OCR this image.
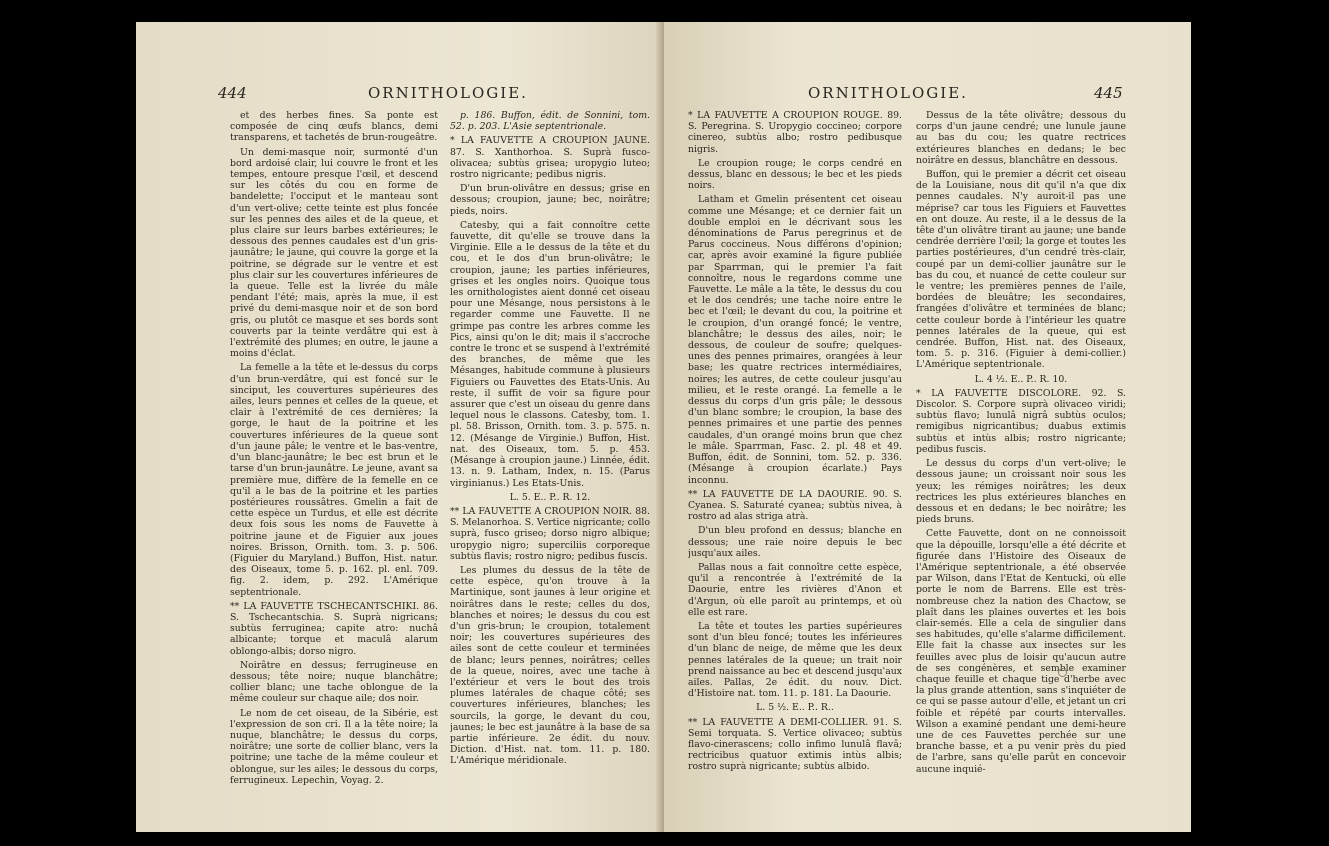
444	ORNITHOLOGIE.

et des herbes fines. Sa ponte est composée de cinq œufs blancs, demi transparens, et tachetés de brun-rougeâtre.

Un demi-masque noir, surmonté d'un bord ardoisé clair, lui couvre le front et les tempes, entoure presque l'œil, et descend sur les côtés du cou en forme de bandelette; l'occiput et le manteau sont d'un vert-olive; cette teinte est plus foncée sur les pennes des ailes et de la queue, et plus claire sur leurs barbes extérieures; le dessous des pennes caudales est d'un gris-jaunâtre; le jaune, qui couvre la gorge et la poitrine, se dégrade sur le ventre et est plus clair sur les couvertures inférieures de la queue. Telle est la livrée du mâle pendant l'été; mais, après la mue, il est privé du demi-masque noir et de son bord gris, ou plutôt ce masque et ses bords sont couverts par la teinte verdâtre qui est à l'extrémité des plumes; en outre, le jaune a moins d'éclat.

La femelle a la tête et le-dessus du corps d'un brun-verdâtre, qui est foncé sur le sinciput, les couvertures supérieures des ailes, leurs pennes et celles de la queue, et clair à l'extrémité de ces dernières; la gorge, le haut de la poitrine et les couvertures inférieures de la queue sont d'un jaune pâle; le ventre et le bas-ventre, d'un blanc-jaunâtre; le bec est brun et le tarse d'un brun-jaunâtre. Le jeune, avant sa première mue, diffère de la femelle en ce qu'il a le bas de la poitrine et les parties postérieures roussâtres. Gmelin a fait de cette espèce un Turdus, et elle est décrite deux fois sous les noms de Fauvette à poitrine jaune et de Figuier aux joues noires. Brisson, Ornith. tom. 3. p. 506. (Figuier du Maryland.) Buffon, Hist. natur. des Oiseaux, tome 5. p. 162. pl. enl. 709. fig. 2. idem, p. 292. L'Amérique septentrionale.

** LA FAUVETTE TSCHECANTSCHIKI. 86. S. Tschecantschia. S. Suprà nigricans; subtùs ferruginea; capite atro: nuchâ albicante; torque et maculâ alarum oblongo-albis; dorso nigro.

Noirâtre en dessus; ferrugineuse en dessous; tête noire; nuque blanchâtre; collier blanc; une tache oblongue de la même couleur sur chaque aile; dos noir.

Le nom de cet oiseau, de la Sibérie, est l'expression de son cri. Il a la tête noire; la nuque, blanchâtre; le dessus du corps, noirâtre; une sorte de collier blanc, vers la poitrine; une tache de la même couleur et oblongue, sur les ailes; le dessous du corps, ferrugineux. Lepechin, Voyag. 2.

p. 186. Buffon, édit. de Sonnini, tom. 52. p. 203. L'Asie septentrionale.

* LA FAUVETTE A CROUPION JAUNE. 87. S. Xanthorhoa. S. Suprà fusco-olivacea; subtùs grisea; uropygio luteo; rostro nigricante; pedibus nigris.

D'un brun-olivâtre en dessus; grise en dessous; croupion, jaune; bec, noirâtre; pieds, noirs.

Catesby, qui a fait connoître cette fauvette, dit qu'elle se trouve dans la Virginie. Elle a le dessus de la tête et du cou, et le dos d'un brun-olivâtre; le croupion, jaune; les parties inférieures, grises et les ongles noirs. Quoique tous les ornithologistes aient donné cet oiseau pour une Mésange, nous persistons à le regarder comme une Fauvette. Il ne grimpe pas contre les arbres comme les Pics, ainsi qu'on le dit; mais il s'accroche contre le tronc et se suspend à l'extrémité des branches, de même que les Mésanges, habitude commune à plusieurs Figuiers ou Fauvettes des Etats-Unis. Au reste, il suffit de voir sa figure pour assurer que c'est un oiseau du genre dans lequel nous le classons. Catesby, tom. 1. pl. 58. Brisson, Ornith. tom. 3. p. 575. n. 12. (Mésange de Virginie.) Buffon, Hist. nat. des Oiseaux, tom. 5. p. 453. (Mésange à croupion jaune.) Linnée, édit. 13. n. 9. Latham, Index, n. 15. (Parus virginianus.) Les Etats-Unis.

L. 5. E.. P.. R. 12.

** LA FAUVETTE A CROUPION NOIR. 88. S. Melanorhoa. S. Vertice nigricante; collo suprà, fusco griseo; dorso nigro albique; uropygio nigro; superciliis corporeque subtùs flavis; rostro nigro; pedibus fuscis.

Les plumes du dessus de la tête de cette espèce, qu'on trouve à la Martinique, sont jaunes à leur origine et noirâtres dans le reste; celles du dos, blanches et noires; le dessus du cou est d'un gris-brun; le croupion, totalement noir; les couvertures supérieures des ailes sont de cette couleur et terminées de blanc; leurs pennes, noirâtres; celles de la queue, noires, avec une tache à l'extérieur et vers le bout des trois plumes latérales de chaque côté; ses couvertures inférieures, blanches; les sourcils, la gorge, le devant du cou, jaunes; le bec est jaunâtre à la base de sa partie inférieure. 2e édit. du nouv. Diction. d'Hist. nat. tom. 11. p. 180. L'Amérique méridionale.

ORNITHOLOGIE.	445

* LA FAUVETTE A CROUPION ROUGE. 89. S. Peregrina. S. Uropygio coccineo; corpore cinereo, subtùs albo; rostro pedibusque nigris.

Le croupion rouge; le corps cendré en dessus, blanc en dessous; le bec et les pieds noirs.

Latham et Gmelin présentent cet oiseau comme une Mésange; et ce dernier fait un double emploi en le décrivant sous les dénominations de Parus peregrinus et de Parus coccineus. Nous différons d'opinion; car, après avoir examiné la figure publiée par Sparrman, qui le premier l'a fait connoître, nous le regardons comme une Fauvette. Le mâle a la tête, le dessus du cou et le dos cendrés; une tache noire entre le bec et l'œil; le devant du cou, la poitrine et le croupion, d'un orangé foncé; le ventre, blanchâtre; le dessus des ailes, noir; le dessous, de couleur de soufre; quelques-unes des pennes primaires, orangées à leur base; les quatre rectrices intermédiaires, noires; les autres, de cette couleur jusqu'au milieu, et le reste orangé. La femelle a le dessus du corps d'un gris pâle; le dessous d'un blanc sombre; le croupion, la base des pennes primaires et une partie des pennes caudales, d'un orangé moins brun que chez le mâle. Sparrman, Fasc. 2. pl. 48 et 49. Buffon, édit. de Sonnini, tom. 52. p. 336. (Mésange à croupion écarlate.) Pays inconnu.

** LA FAUVETTE DE LA DAOURIE. 90. S. Cyanea. S. Saturaté cyanea; subtùs nivea, à rostro ad alas striga atrà.

D'un bleu profond en dessus; blanche en dessous; une raie noire depuis le bec jusqu'aux ailes.

Pallas nous a fait connoître cette espèce, qu'il a rencontrée à l'extrémité de la Daourie, entre les rivières d'Anon et d'Argun, où elle paroît au printemps, et où elle est rare.

La tête et toutes les parties supérieures sont d'un bleu foncé; toutes les inférieures d'un blanc de neige, de même que les deux pennes latérales de la queue; un trait noir prend naissance au bec et descend jusqu'aux ailes. Pallas, 2e édit. du nouv. Dict. d'Histoire nat. tom. 11. p. 181. La Daourie.

L. 5 ½. E.. P.. R..

** LA FAUVETTE A DEMI-COLLIER. 91. S. Semi torquata. S. Vertice olivaceo; subtùs flavo-cinerascens; collo infimo lunulâ flavâ; rectricibus quatuor extimis intùs albis; rostro suprà nigricante; subtùs albido.

Dessus de la tête olivâtre; dessous du corps d'un jaune cendré; une lunule jaune au bas du cou; les quatre rectrices extérieures blanches en dedans; le bec noirâtre en dessus, blanchâtre en dessous.

Buffon, qui le premier a décrit cet oiseau de la Louisiane, nous dit qu'il n'a que dix pennes caudales. N'y auroit-il pas une méprise? car tous les Figuiers et Fauvettes en ont douze. Au reste, il a le dessus de la tête d'un olivâtre tirant au jaune; une bande cendrée derrière l'œil; la gorge et toutes les parties postérieures, d'un cendré très-clair, coupé par un demi-collier jaunâtre sur le bas du cou, et nuancé de cette couleur sur le ventre; les premières pennes de l'aile, bordées de bleuâtre; les secondaires, frangées d'olivâtre et terminées de blanc; cette couleur borde à l'intérieur les quatre pennes latérales de la queue, qui est cendrée. Buffon, Hist. nat. des Oiseaux, tom. 5. p. 316. (Figuier à demi-collier.) L'Amérique septentrionale.

L. 4 ½. E.. P.. R. 10.

* LA FAUVETTE DISCOLORE. 92. S. Discolor. S. Corpore suprà olivaceo viridi; subtùs flavo; lunulâ nigrâ subtùs oculos; remigibus nigricantibus; duabus extimis subtùs et intùs albis; rostro nigricante; pedibus fuscis.

Le dessus du corps d'un vert-olive; le dessous jaune; un croissant noir sous les yeux; les rémiges noirâtres; les deux rectrices les plus extérieures blanches en dessous et en dedans; le bec noirâtre; les pieds bruns.

Cette Fauvette, dont on ne connoissoit que la dépouille, lorsqu'elle a été décrite et figurée dans l'Histoire des Oiseaux de l'Amérique septentrionale, a été observée par Wilson, dans l'Etat de Kentucki, où elle porte le nom de Barrens. Elle est très-nombreuse chez la nation des Chactow, se plaît dans les plaines ouvertes et les bois clair-semés. Elle a cela de singulier dans ses habitudes, qu'elle s'alarme difficilement. Elle fait la chasse aux insectes sur les feuilles avec plus de loisir qu'aucun autre de ses congénères, et semble examiner chaque feuille et chaque tige d'herbe avec la plus grande attention, sans s'inquiéter de ce qui se passe autour d'elle, et jetant un cri foible et répété par courts intervalles. Wilson a examiné pendant une demi-heure une de ces Fauvettes perchée sur une branche basse, et a pu venir près du pied de l'arbre, sans qu'elle parût en concevoir aucune inquié-
